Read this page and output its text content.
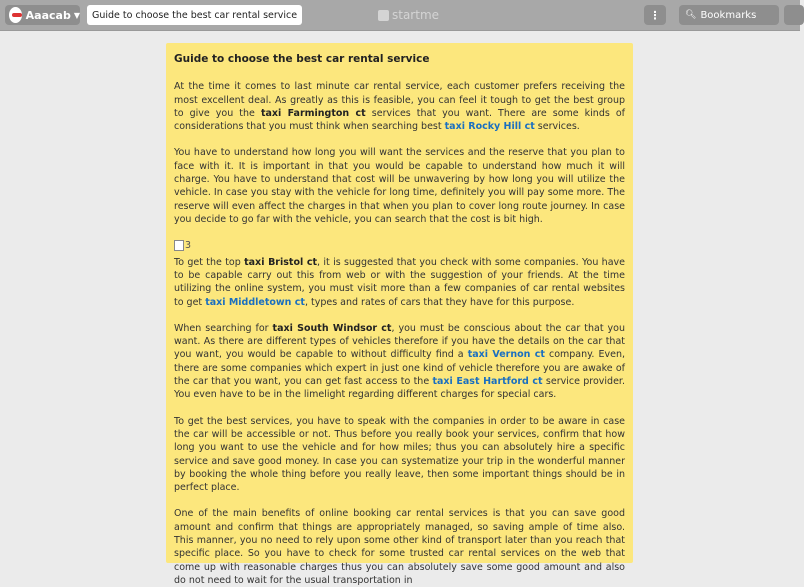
Aaacab ▼	Guide to choose the best car rental service	startme	⋮	🔍︎ Bookmarks
Guide to choose the best car rental service

At the time it comes to last minute car rental service, each customer prefers receiving the most excellent deal. As greatly as this is feasible, you can feel it tough to get the best group to give you the taxi Farmington ct services that you want. There are some kinds of considerations that you must think when searching best taxi Rocky Hill ct services.

You have to understand how long you will want the services and the reserve that you plan to face with it. It is important in that you would be capable to understand how much it will charge. You have to understand that cost will be unwavering by how long you will utilize the vehicle. In case you stay with the vehicle for long time, definitely you will pay some more. The reserve will even affect the charges in that when you plan to cover long route journey. In case you decide to go far with the vehicle, you can search that the cost is bit high.

3

To get the top taxi Bristol ct, it is suggested that you check with some companies. You have to be capable carry out this from web or with the suggestion of your friends. At the time utilizing the online system, you must visit more than a few companies of car rental websites to get taxi Middletown ct, types and rates of cars that they have for this purpose.

When searching for taxi South Windsor ct, you must be conscious about the car that you want. As there are different types of vehicles therefore if you have the details on the car that you want, you would be capable to without difficulty find a taxi Vernon ct company. Even, there are some companies which expert in just one kind of vehicle therefore you are awake of the car that you want, you can get fast access to the taxi East Hartford ct service provider. You even have to be in the limelight regarding different charges for special cars.

To get the best services, you have to speak with the companies in order to be aware in case the car will be accessible or not. Thus before you really book your services, confirm that how long you want to use the vehicle and for how miles; thus you can absolutely hire a specific service and save good money. In case you can systematize your trip in the wonderful manner by booking the whole thing before you really leave, then some important things should be in perfect place.

One of the main benefits of online booking car rental services is that you can save good amount and confirm that things are appropriately managed, so saving ample of time also. This manner, you no need to rely upon some other kind of transport later than you reach that specific place. So you have to check for some trusted car rental services on the web that come up with reasonable charges thus you can absolutely save some good amount and also do not need to wait for the usual transportation in
